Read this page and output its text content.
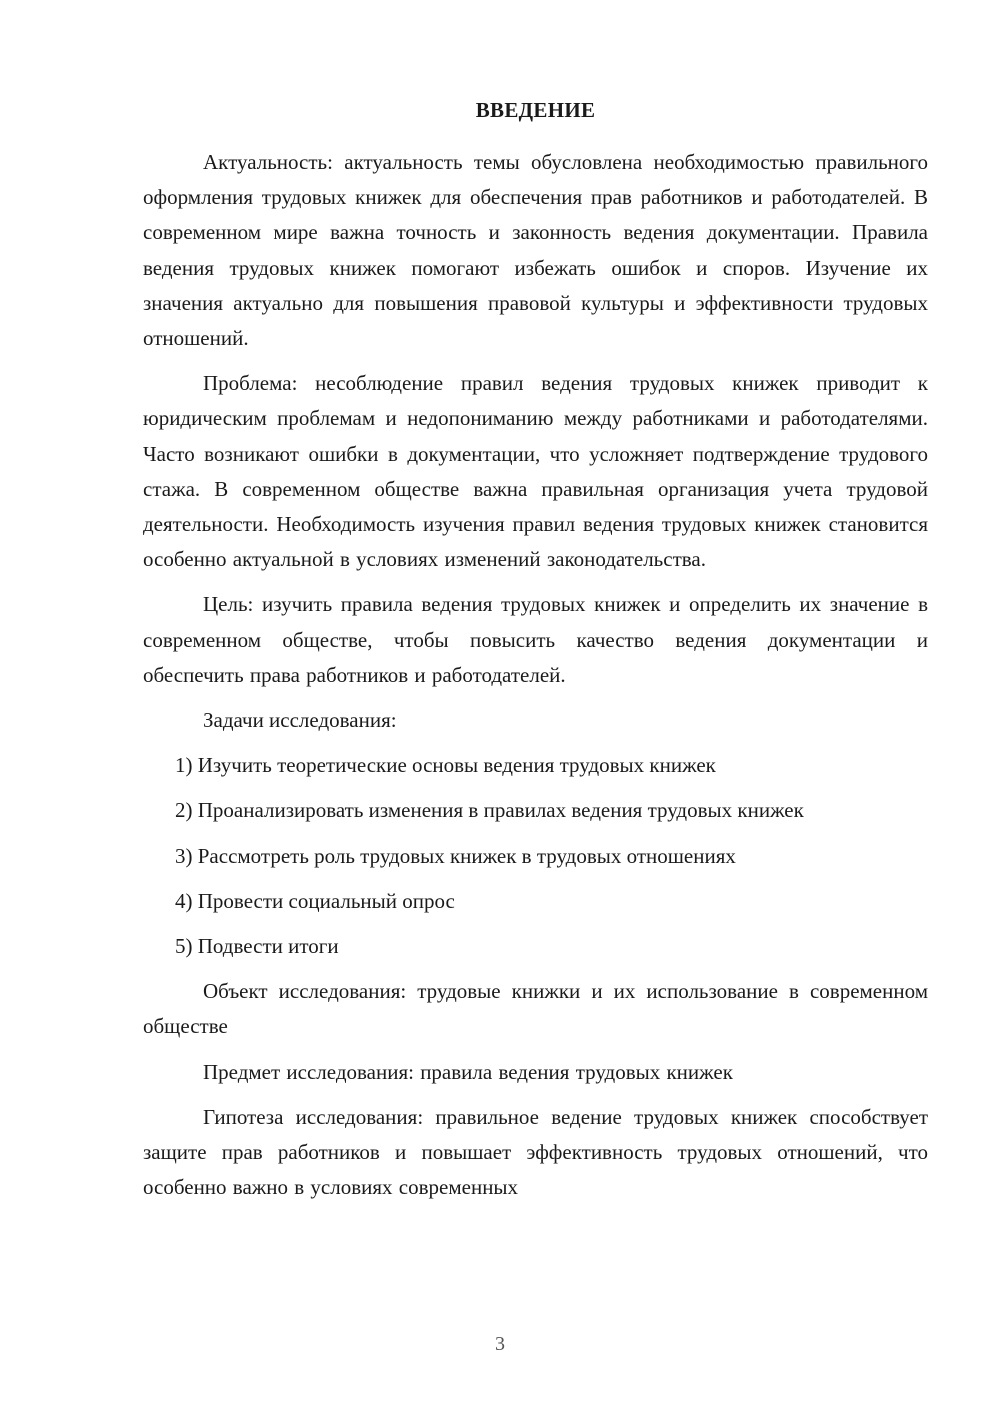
ВВЕДЕНИЕ

Актуальность: актуальность темы обусловлена необходимостью правильного оформления трудовых книжек для обеспечения прав работников и работодателей. В современном мире важна точность и законность ведения документации. Правила ведения трудовых книжек помогают избежать ошибок и споров. Изучение их значения актуально для повышения правовой культуры и эффективности трудовых отношений.

Проблема: несоблюдение правил ведения трудовых книжек приводит к юридическим проблемам и недопониманию между работниками и работодателями. Часто возникают ошибки в документации, что усложняет подтверждение трудового стажа. В современном обществе важна правильная организация учета трудовой деятельности. Необходимость изучения правил ведения трудовых книжек становится особенно актуальной в условиях изменений законодательства.

Цель: изучить правила ведения трудовых книжек и определить их значение в современном обществе, чтобы повысить качество ведения документации и обеспечить права работников и работодателей.

Задачи исследования:
1) Изучить теоретические основы ведения трудовых книжек
2) Проанализировать изменения в правилах ведения трудовых книжек
3) Рассмотреть роль трудовых книжек в трудовых отношениях
4) Провести социальный опрос
5) Подвести итоги

Объект исследования: трудовые книжки и их использование в современном обществе

Предмет исследования: правила ведения трудовых книжек

Гипотеза исследования: правильное ведение трудовых книжек способствует защите прав работников и повышает эффективность трудовых отношений, что особенно важно в условиях современных

3
